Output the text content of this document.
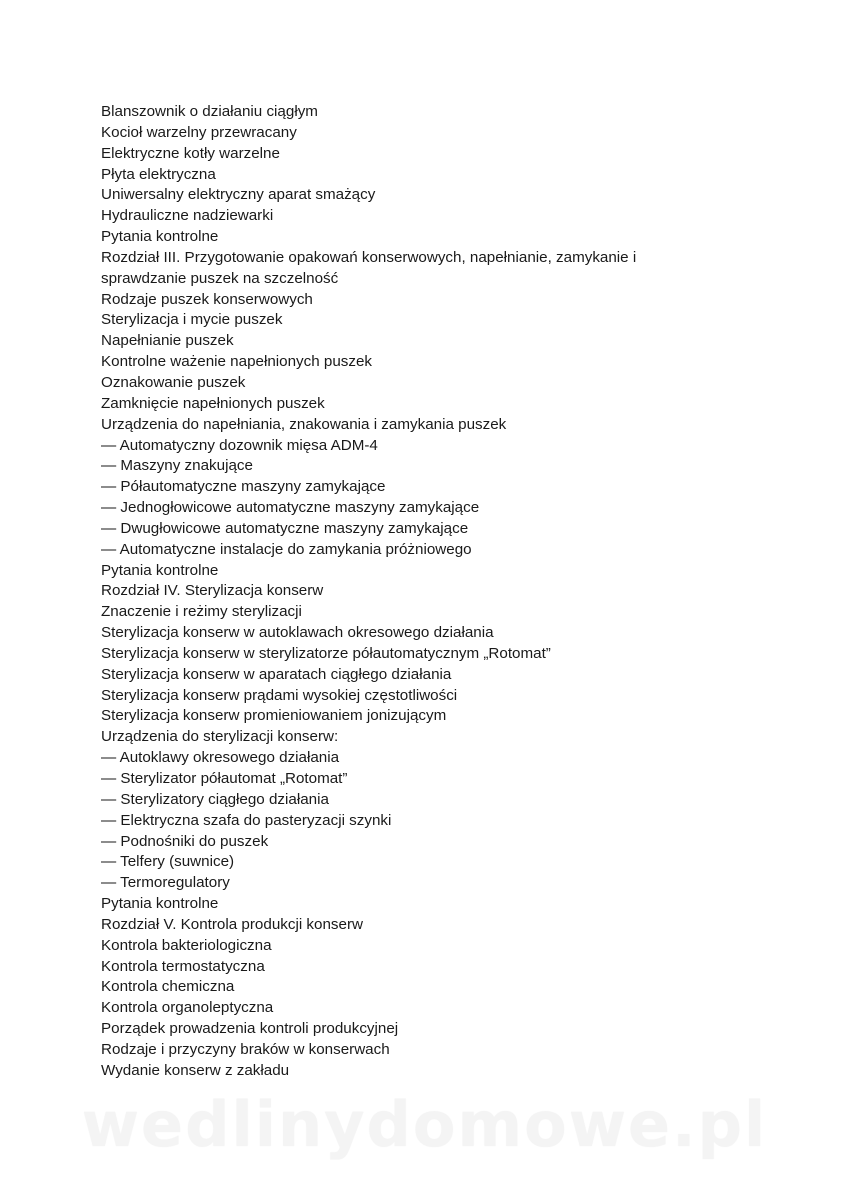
Blanszownik o działaniu ciągłym
Kocioł warzelny przewracany
Elektryczne kotły warzelne
Płyta elektryczna
Uniwersalny elektryczny aparat smażący
Hydrauliczne nadziewarki
Pytania kontrolne
Rozdział III. Przygotowanie opakowań konserwowych, napełnianie, zamykanie i
sprawdzanie puszek na szczelność
Rodzaje puszek konserwowych
Sterylizacja i mycie puszek
Napełnianie puszek
Kontrolne ważenie napełnionych puszek
Oznakowanie puszek
Zamknięcie napełnionych puszek
Urządzenia do napełniania, znakowania i zamykania puszek
— Automatyczny dozownik mięsa ADM-4
— Maszyny znakujące
— Półautomatyczne maszyny zamykające
— Jednogłowicowe automatyczne maszyny zamykające
— Dwugłowicowe automatyczne maszyny zamykające
— Automatyczne instalacje do zamykania próżniowego
Pytania kontrolne
Rozdział IV. Sterylizacja konserw
Znaczenie i reżimy sterylizacji
Sterylizacja konserw w autoklawach okresowego działania
Sterylizacja konserw w sterylizatorze półautomatycznym „Rotomat”
Sterylizacja konserw w aparatach ciągłego działania
Sterylizacja konserw prądami wysokiej częstotliwości
Sterylizacja konserw promieniowaniem jonizującym
Urządzenia do sterylizacji konserw:
— Autoklawy okresowego działania
— Sterylizator półautomat „Rotomat”
— Sterylizatory ciągłego działania
— Elektryczna szafa do pasteryzacji szynki
— Podnośniki do puszek
— Telfery (suwnice)
— Termoregulatory
Pytania kontrolne
Rozdział V. Kontrola produkcji konserw
Kontrola bakteriologiczna
Kontrola termostatyczna
Kontrola chemiczna
Kontrola organoleptyczna
Porządek prowadzenia kontroli produkcyjnej
Rodzaje i przyczyny braków w konserwach
Wydanie konserw z zakładu
wedlinydomowe.pl
